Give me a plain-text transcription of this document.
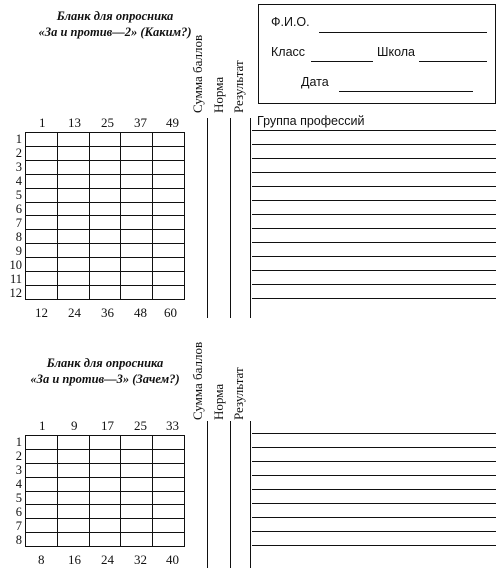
Бланк для опросника
«За и против—2» (Каким?)
1 13 25 37 49
1
2
3
4
5
6
7
8
9
10
11
12

12 24 36 48 60
Сумма баллов Норма Результат
Ф.И.О.
Класс	Школа
Дата
Группа профессий
Бланк для опросника
«За и против—3» (Зачем?)
1 9 17 25 33
1
2
3
4
5
6
7
8

8 16 24 32 40
Сумма баллов Норма Результат
